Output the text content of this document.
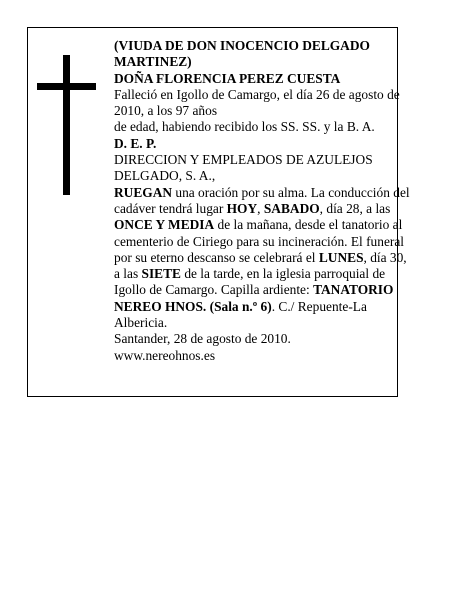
(VIUDA DE DON INOCENCIO DELGADO
MARTINEZ)
DOÑA FLORENCIA PEREZ CUESTA
Falleció en Igollo de Camargo, el día 26 de agosto de
2010, a los 97 años
de edad, habiendo recibido los SS. SS. y la B. A.
D. E. P.
DIRECCION Y EMPLEADOS DE AZULEJOS
DELGADO, S. A.,
RUEGAN una oración por su alma. La conducción del
cadáver tendrá lugar HOY, SABADO, día 28, a las
ONCE Y MEDIA de la mañana, desde el tanatorio al
cementerio de Ciriego para su incineración. El funeral
por su eterno descanso se celebrará el LUNES, día 30,
a las SIETE de la tarde, en la iglesia parroquial de
Igollo de Camargo. Capilla ardiente: TANATORIO
NEREO HNOS. (Sala n.º 6). C./ Repuente-La
Albericia.
Santander, 28 de agosto de 2010.
www.nereohnos.es
